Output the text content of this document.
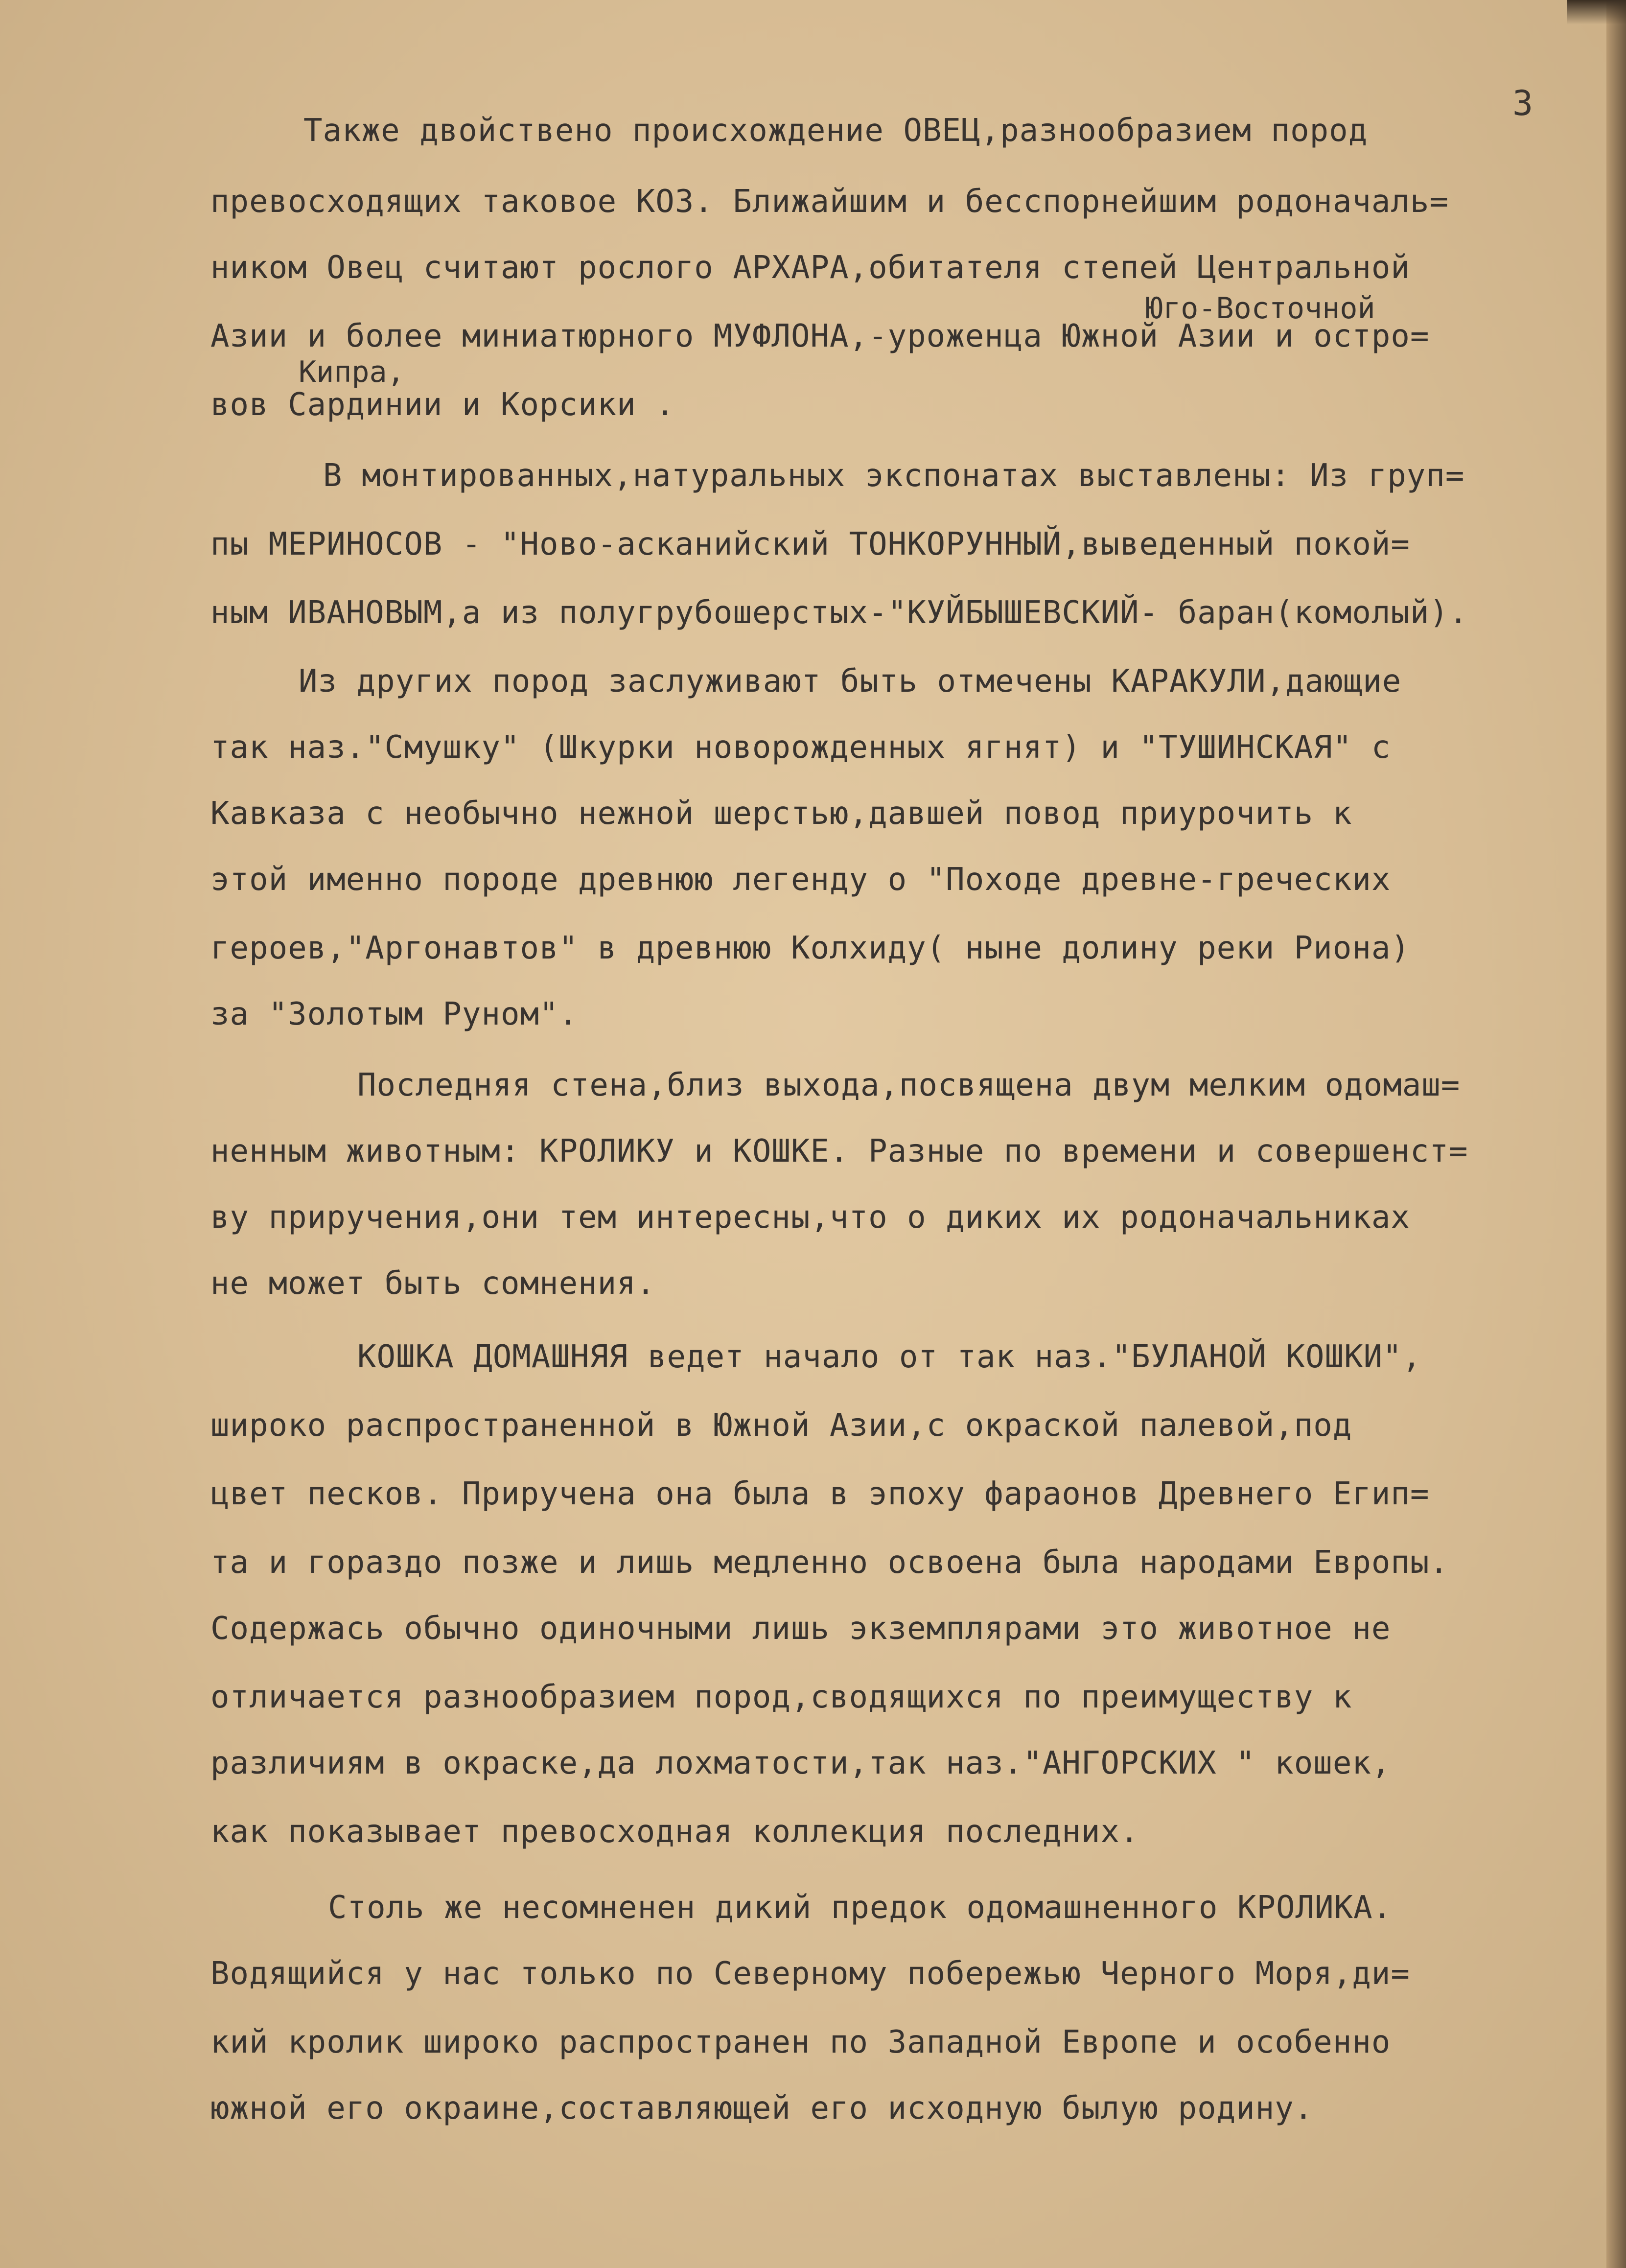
3
Также двойствено происхождение ОВЕЦ,разнообразием пород
превосходящих таковое КОЗ. Ближайшим и бесспорнейшим родоначаль=
ником Овец считают рослого АРХАРА,обитателя степей Центральной
Юго-Восточной
Азии и более миниатюрного МУФЛОНА,-уроженца Южной Азии и остро=
Кипра,
вов Сардинии и Корсики .
В монтированных,натуральных экспонатах выставлены: Из груп=
пы МЕРИНОСОВ - "Ново-асканийский ТОНКОРУННЫЙ,выведенный покой=
ным ИВАНОВЫМ,а из полугрубошерстых-"КУЙБЫШЕВСКИЙ- баран(комолый).
Из других пород заслуживают быть отмечены КАРАКУЛИ,дающие
так наз."Смушку" (Шкурки новорожденных ягнят) и "ТУШИНСКАЯ" с
Кавказа с необычно нежной шерстью,давшей повод приурочить к
этой именно породе древнюю легенду о "Походе древне-греческих
героев,"Аргонавтов" в древнюю Колхиду( ныне долину реки Риона)
за "Золотым Руном".
Последняя стена,близ выхода,посвящена двум мелким одомаш=
ненным животным: КРОЛИКУ и КОШКЕ. Разные по времени и совершенст=
ву приручения,они тем интересны,что о диких их родоначальниках
не может быть сомнения.
КОШКА ДОМАШНЯЯ ведет начало от так наз."БУЛАНОЙ КОШКИ",
широко распространенной в Южной Азии,с окраской палевой,под
цвет песков. Приручена она была в эпоху фараонов Древнего Егип=
та и гораздо позже и лишь медленно освоена была народами Европы.
Содержась обычно одиночными лишь экземплярами это животное не
отличается разнообразием пород,сводящихся по преимуществу к
различиям в окраске,да лохматости,так наз."АНГОРСКИХ " кошек,
как показывает превосходная коллекция последних.
Столь же несомненен дикий предок одомашненного КРОЛИКА.
Водящийся у нас только по Северному побережью Черного Моря,ди=
кий кролик широко распространен по Западной Европе и особенно
южной его окраине,составляющей его исходную былую родину.
